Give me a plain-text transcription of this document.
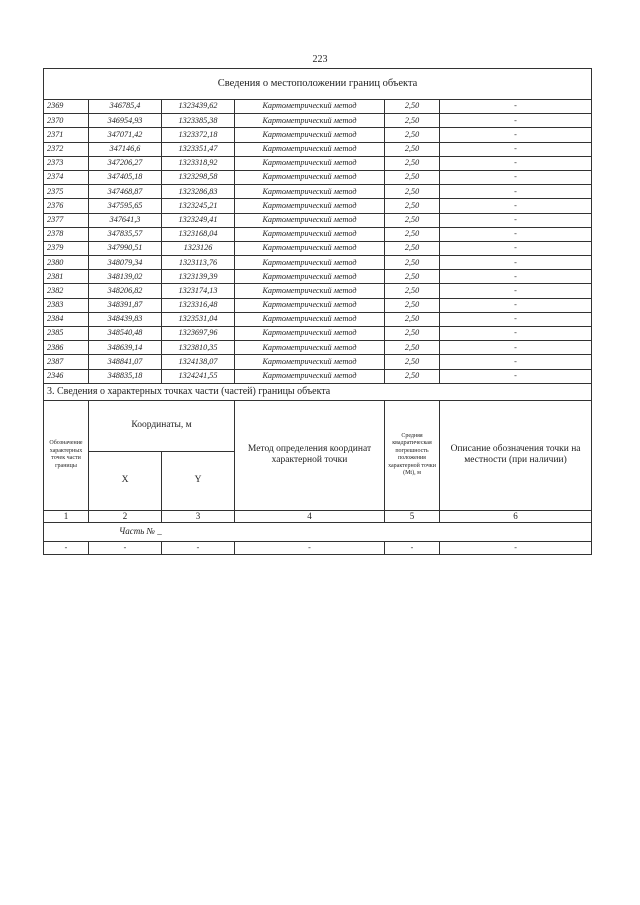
223
Сведения о местоположении границ объекта					
2369	346785,4	1323439,62	Картометрический метод	2,50	-
2370	346954,93	1323385,38	Картометрический метод	2,50	-
2371	347071,42	1323372,18	Картометрический метод	2,50	-
2372	347146,6	1323351,47	Картометрический метод	2,50	-
2373	347206,27	1323318,92	Картометрический метод	2,50	-
2374	347405,18	1323298,58	Картометрический метод	2,50	-
2375	347468,87	1323286,83	Картометрический метод	2,50	-
2376	347595,65	1323245,21	Картометрический метод	2,50	-
2377	347641,3	1323249,41	Картометрический метод	2,50	-
2378	347835,57	1323168,04	Картометрический метод	2,50	-
2379	347990,51	1323126	Картометрический метод	2,50	-
2380	348079,34	1323113,76	Картометрический метод	2,50	-
2381	348139,02	1323139,39	Картометрический метод	2,50	-
2382	348206,82	1323174,13	Картометрический метод	2,50	-
2383	348391,87	1323316,48	Картометрический метод	2,50	-
2384	348439,83	1323531,04	Картометрический метод	2,50	-
2385	348540,48	1323697,96	Картометрический метод	2,50	-
2386	348639,14	1323810,35	Картометрический метод	2,50	-
2387	348841,07	1324138,07	Картометрический метод	2,50	-
2346	348835,18	1324241,55	Картометрический метод	2,50	-
3. Сведения о характерных точках части (частей) границы объекта					
Обозначение характерных точек части границы	Координаты, м		Метод определения координат характерной точки	Средняя квадратическая погрешность положения характерной точки (Мt), м	Описание обозначения точки на местности (при наличии)
	X	Y			
1	2	3	4	5	6
Часть № _					
-	-	-	-	-	-
